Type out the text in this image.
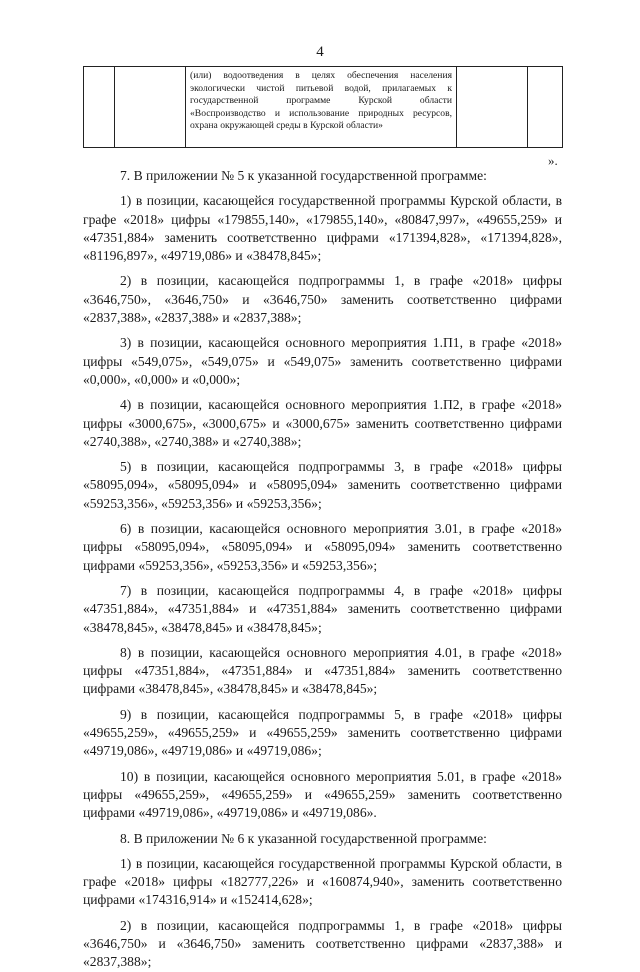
4

(или) водоотведения в целях обеспечения населения экологически чистой питьевой водой, прилагаемых к государственной программе Курской области «Воспроизводство и использование природных ресурсов, охрана окружающей среды в Курской области»

».

7. В приложении № 5 к указанной государственной программе:

1) в позиции, касающейся государственной программы Курской области, в графе «2018» цифры «179855,140», «179855,140», «80847,997», «49655,259» и «47351,884» заменить соответственно цифрами «171394,828», «171394,828», «81196,897», «49719,086» и «38478,845»;

2) в позиции, касающейся подпрограммы 1, в графе «2018» цифры «3646,750», «3646,750» и «3646,750» заменить соответственно цифрами «2837,388», «2837,388» и «2837,388»;

3) в позиции, касающейся основного мероприятия 1.П1, в графе «2018» цифры «549,075», «549,075» и «549,075» заменить соответственно цифрами «0,000», «0,000» и «0,000»;

4) в позиции, касающейся основного мероприятия 1.П2, в графе «2018» цифры «3000,675», «3000,675» и «3000,675» заменить соответственно цифрами «2740,388», «2740,388» и «2740,388»;

5) в позиции, касающейся подпрограммы 3, в графе «2018» цифры «58095,094», «58095,094» и «58095,094» заменить соответственно цифрами «59253,356», «59253,356» и «59253,356»;

6) в позиции, касающейся основного мероприятия 3.01, в графе «2018» цифры «58095,094», «58095,094» и «58095,094» заменить соответственно цифрами «59253,356», «59253,356» и «59253,356»;

7) в позиции, касающейся подпрограммы 4, в графе «2018» цифры «47351,884», «47351,884» и «47351,884» заменить соответственно цифрами «38478,845», «38478,845» и «38478,845»;

8) в позиции, касающейся основного мероприятия 4.01, в графе «2018» цифры «47351,884», «47351,884» и «47351,884» заменить соответственно цифрами «38478,845», «38478,845» и «38478,845»;

9) в позиции, касающейся подпрограммы 5, в графе «2018» цифры «49655,259», «49655,259» и «49655,259» заменить соответственно цифрами «49719,086», «49719,086» и «49719,086»;

10) в позиции, касающейся основного мероприятия 5.01, в графе «2018» цифры «49655,259», «49655,259» и «49655,259» заменить соответственно цифрами «49719,086», «49719,086» и «49719,086».

8. В приложении № 6 к указанной государственной программе:

1) в позиции, касающейся государственной программы Курской области, в графе «2018» цифры «182777,226» и «160874,940», заменить соответственно цифрами «174316,914» и «152414,628»;

2) в позиции, касающейся подпрограммы 1, в графе «2018» цифры «3646,750» и «3646,750» заменить соответственно цифрами «2837,388» и «2837,388»;
